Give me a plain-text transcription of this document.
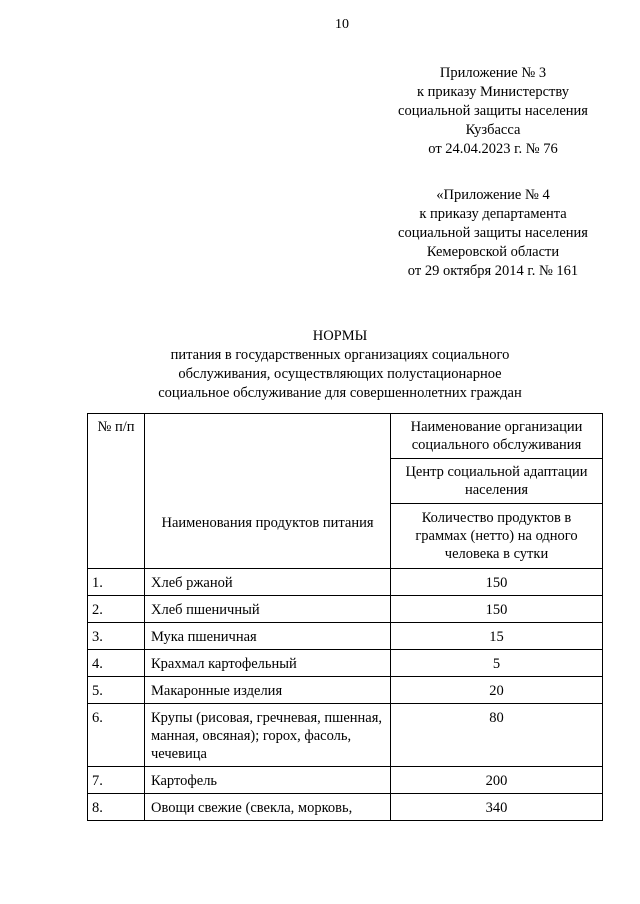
10
Приложение № 3
к приказу Министерству
социальной защиты населения
Кузбасса
от 24.04.2023 г. № 76
«Приложение № 4
к приказу департамента
социальной защиты населения
Кемеровской области
от 29 октября 2014 г. № 161
НОРМЫ
питания в государственных организациях социального
обслуживания, осуществляющих полустационарное
социальное обслуживание для совершеннолетних граждан
№ п/п	Наименования продуктов питания	Наименование организации социального обслуживания
		Центр социальной адаптации населения
		Количество продуктов в граммах (нетто) на одного человека в сутки
1.	Хлеб ржаной	150
2.	Хлеб пшеничный	150
3.	Мука пшеничная	15
4.	Крахмал картофельный	5
5.	Макаронные изделия	20
6.	Крупы (рисовая, гречневая, пшенная, манная, овсяная); горох, фасоль, чечевица	80
7.	Картофель	200
8.	Овощи свежие (свекла, морковь,	340
